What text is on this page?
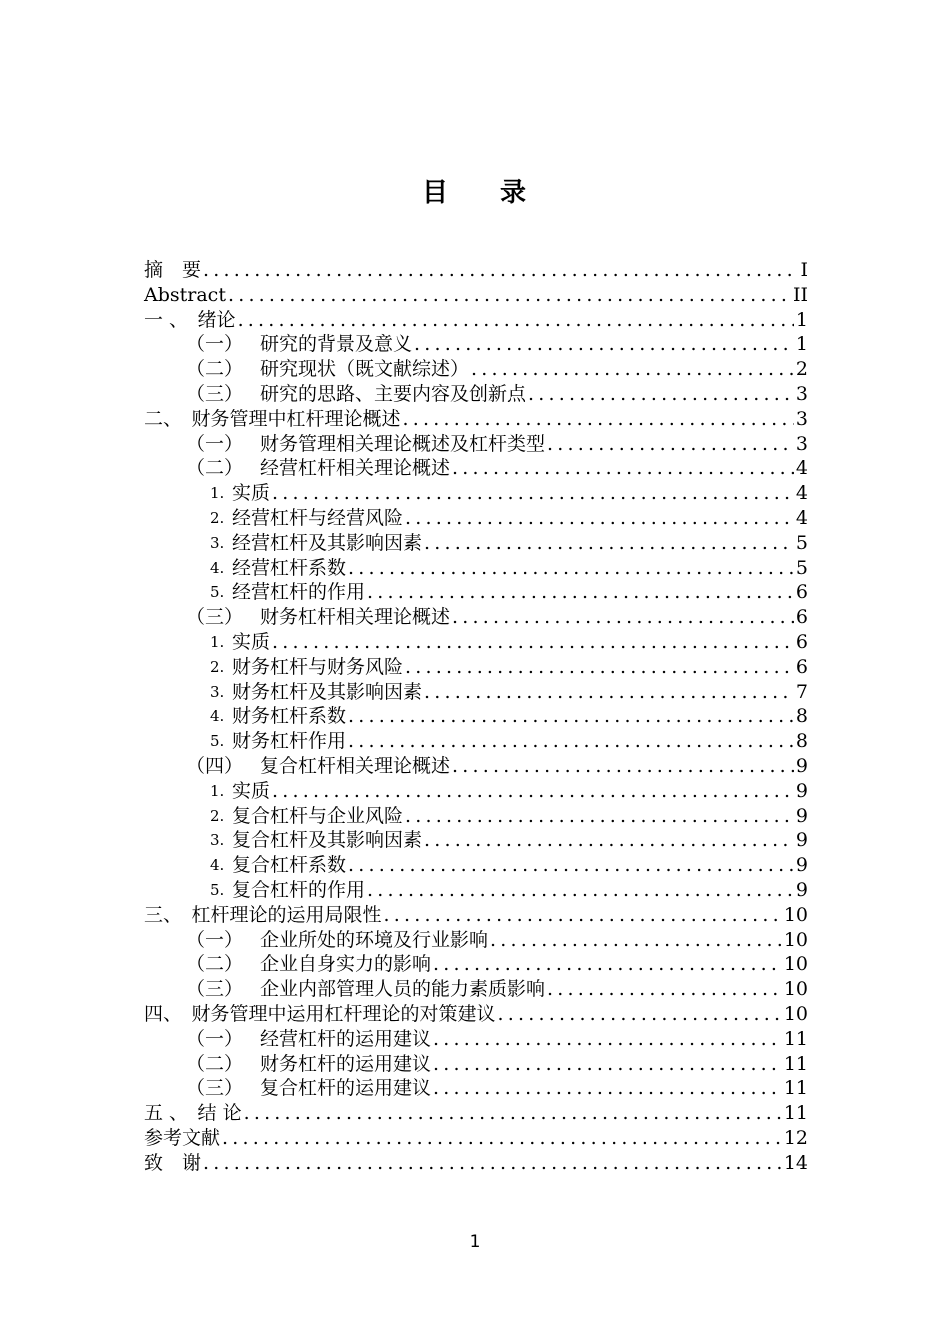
目 录
摘　要 .....	I
Abstract .....	II
一 、　 绪论 .....	1
（一） 研究的背景及意义 .....	1
（二） 研究现状（既文献综述） .....	2
（三） 研究的思路、主要内容及创新点 .....	3
二、　 财务管理中杠杆理论概述 .....	3
（一） 财务管理相关理论概述及杠杆类型 .....	3
（二） 经营杠杆相关理论概述 .....	4
1. 实质 .....	4
2. 经营杠杆与经营风险 .....	4
3. 经营杠杆及其影响因素 .....	5
4. 经营杠杆系数 .....	5
5. 经营杠杆的作用 .....	6
（三） 财务杠杆相关理论概述 .....	6
1. 实质 .....	6
2. 财务杠杆与财务风险 .....	6
3. 财务杠杆及其影响因素 .....	7
4. 财务杠杆系数 .....	8
5. 财务杠杆作用 .....	8
（四） 复合杠杆相关理论概述 .....	9
1. 实质 .....	9
2. 复合杠杆与企业风险 .....	9
3. 复合杠杆及其影响因素 .....	9
4. 复合杠杆系数 .....	9
5. 复合杠杆的作用 .....	9
三、　 杠杆理论的运用局限性 .....	10
（一） 企业所处的环境及行业影响 .....	10
（二） 企业自身实力的影响 .....	10
（三） 企业内部管理人员的能力素质影响 .....	10
四、　 财务管理中运用杠杆理论的对策建议 .....	10
（一） 经营杠杆的运用建议 .....	11
（二） 财务杠杆的运用建议 .....	11
（三） 复合杠杆的运用建议 .....	11
五 、　 结 论 .....	11
参考文献 .....	12
致　谢 .....	14
1
